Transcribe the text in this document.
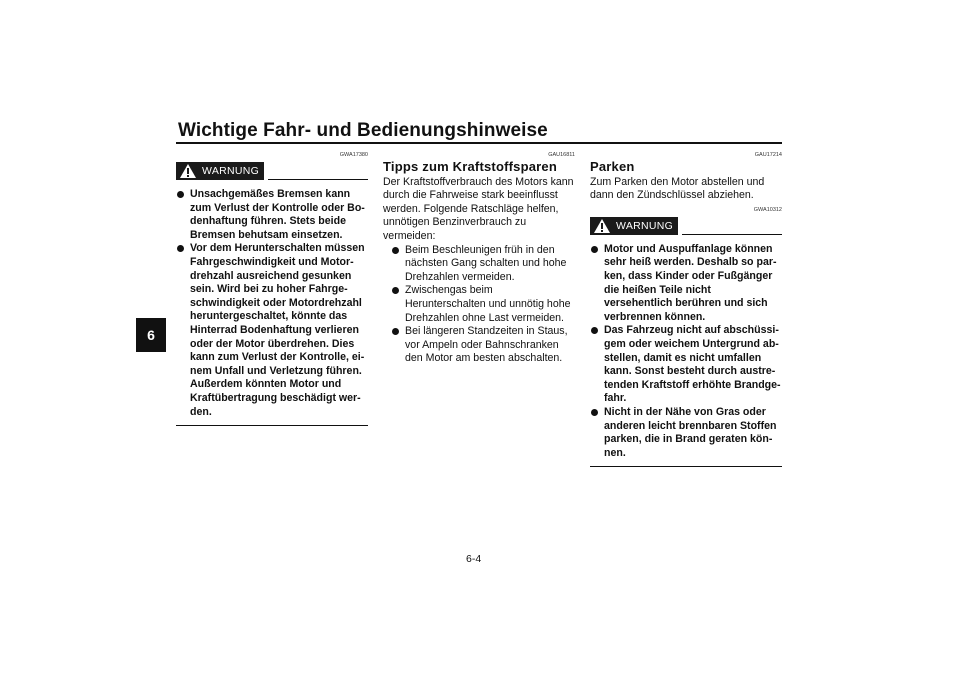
Wichtige Fahr- und Bedienungshinweise
6
GWA17380
WARNUNG
Unsachgemäßes Bremsen kann zum Verlust der Kontrolle oder Bodenhaftung führen. Stets beide Bremsen behutsam einsetzen.
Vor dem Herunterschalten müssen Fahrgeschwindigkeit und Motordrehzahl ausreichend gesunken sein. Wird bei zu hoher Fahrgeschwindigkeit oder Motordrehzahl heruntergeschaltet, könnte das Hinterrad Bodenhaftung verlieren oder der Motor überdrehen. Dies kann zum Verlust der Kontrolle, einem Unfall und Verletzung führen. Außerdem könnten Motor und Kraftübertragung beschädigt werden.
GAU16811
Tipps zum Kraftstoffsparen

Der Kraftstoffverbrauch des Motors kann durch die Fahrweise stark beeinflusst werden. Folgende Ratschläge helfen, unnötigen Benzinverbrauch zu vermeiden:

Beim Beschleunigen früh in den nächsten Gang schalten und hohe Drehzahlen vermeiden.
Zwischengas beim Herunterschalten und unnötig hohe Drehzahlen ohne Last vermeiden.
Bei längeren Standzeiten in Staus, vor Ampeln oder Bahnschranken den Motor am besten abschalten.
GAU17214
Parken

Zum Parken den Motor abstellen und dann den Zündschlüssel abziehen.

GWA10312
WARNUNG
Motor und Auspuffanlage können sehr heiß werden. Deshalb so parken, dass Kinder oder Fußgänger die heißen Teile nicht versehentlich berühren und sich verbrennen können.
Das Fahrzeug nicht auf abschüssigem oder weichem Untergrund abstellen, damit es nicht umfallen kann. Sonst besteht durch austretenden Kraftstoff erhöhte Brandgefahr.
Nicht in der Nähe von Gras oder anderen leicht brennbaren Stoffen parken, die in Brand geraten können.
6-4
